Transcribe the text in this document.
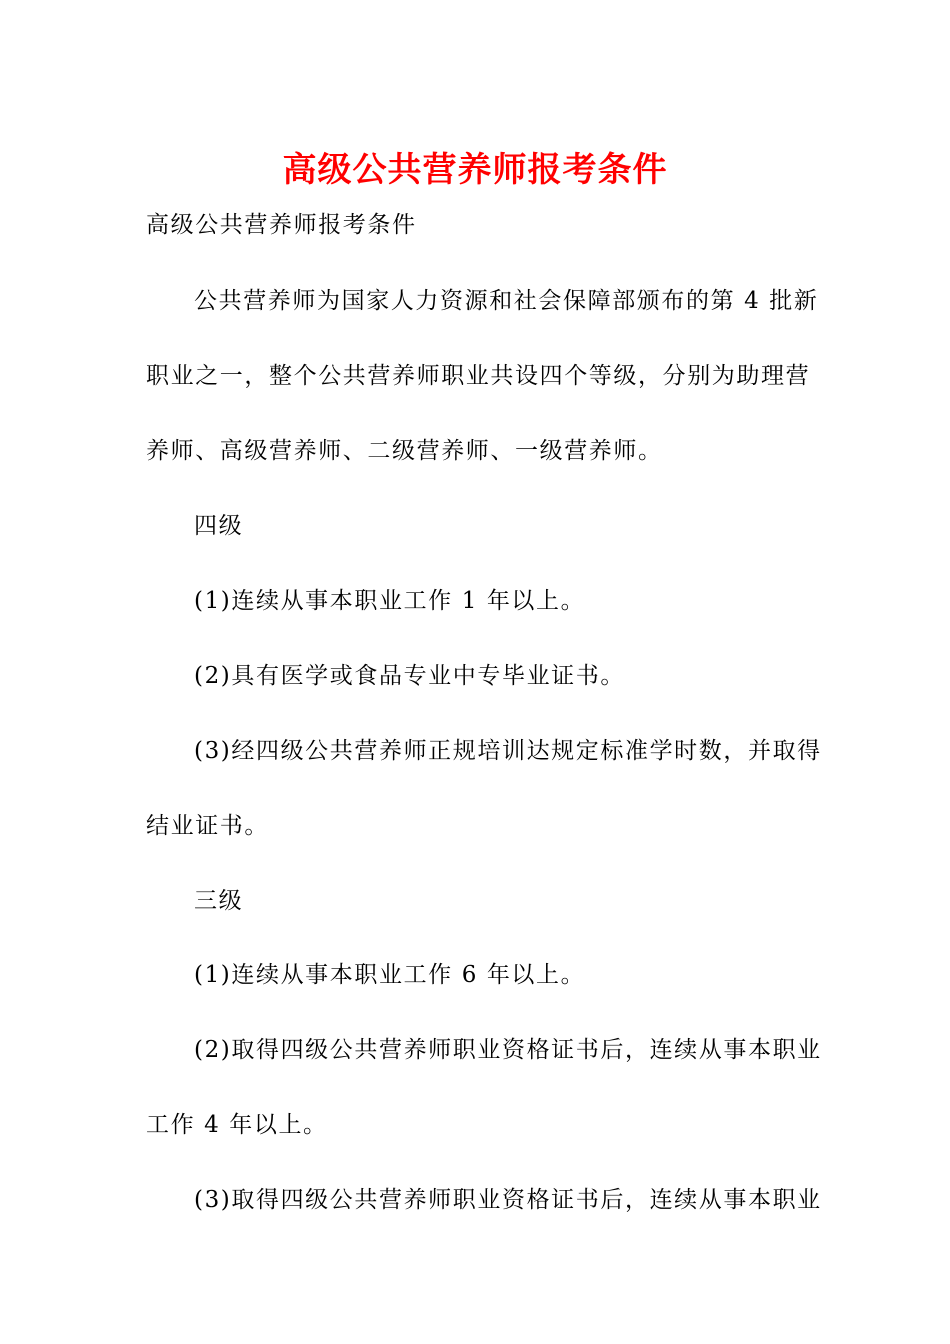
高级公共营养师报考条件
高级公共营养师报考条件
公共营养师为国家人力资源和社会保障部颁布的第 4 批新
职业之一，整个公共营养师职业共设四个等级，分别为助理营
养师、高级营养师、二级营养师、一级营养师。
四级
(1)连续从事本职业工作 1 年以上。
(2)具有医学或食品专业中专毕业证书。
(3)经四级公共营养师正规培训达规定标准学时数，并取得
结业证书。
三级
(1)连续从事本职业工作 6 年以上。
(2)取得四级公共营养师职业资格证书后，连续从事本职业
工作 4 年以上。
(3)取得四级公共营养师职业资格证书后，连续从事本职业
